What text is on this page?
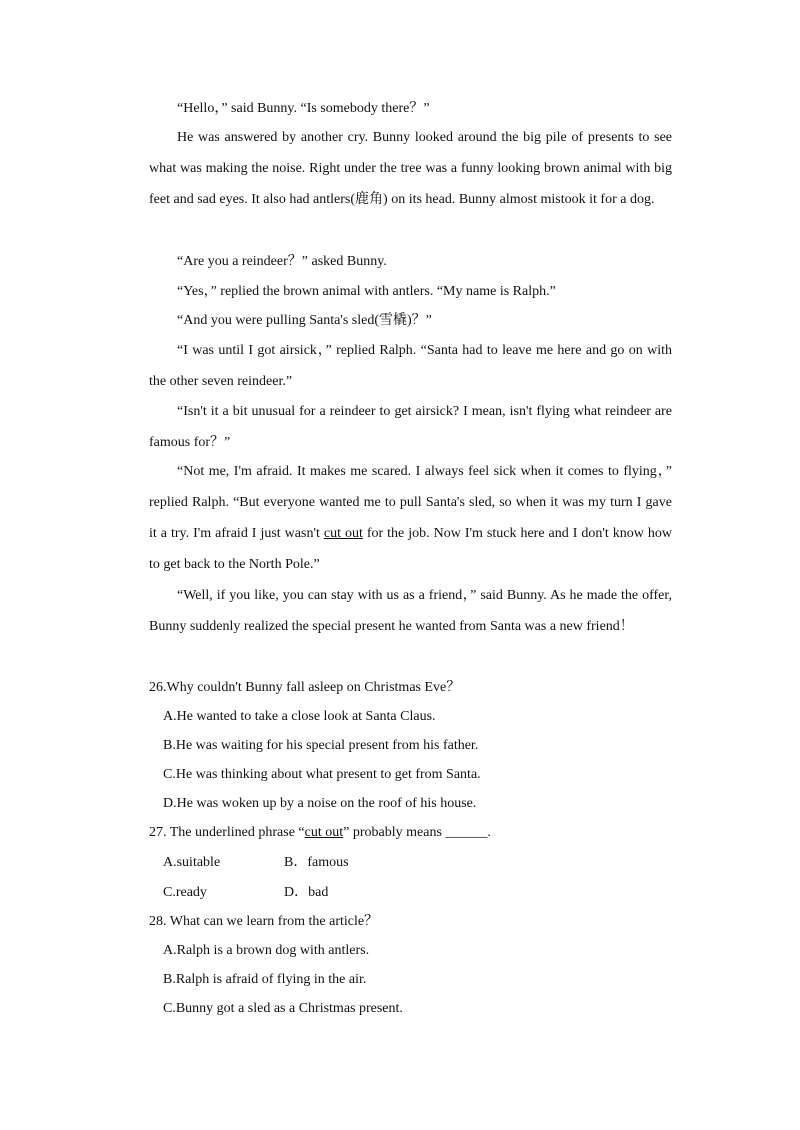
“Hello，” said Bunny. “Is somebody there？”

He was answered by another cry. Bunny looked around the big pile of presents to see what was making the noise. Right under the tree was a funny looking brown animal with big feet and sad eyes. It also had antlers(鹿角) on its head. Bunny almost mistook it for a dog.

“Are you a reindeer？” asked Bunny.

“Yes，” replied the brown animal with antlers. “My name is Ralph.”

“And you were pulling Santa's sled(雪橇)？”

“I was until I got airsick，” replied Ralph. “Santa had to leave me here and go on with the other seven reindeer.”

“Isn't it a bit unusual for a reindeer to get airsick? I mean, isn't flying what reindeer are famous for？”

“Not me, I'm afraid. It makes me scared. I always feel sick when it comes to flying，” replied Ralph. “But everyone wanted me to pull Santa's sled, so when it was my turn I gave it a try. I'm afraid I just wasn't cut out for the job. Now I'm stuck here and I don't know how to get back to the North Pole.”

“Well, if you like, you can stay with us as a friend，” said Bunny. As he made the offer, Bunny suddenly realized the special present he wanted from Santa was a new friend！

26.Why couldn't Bunny fall asleep on Christmas Eve？

A.He wanted to take a close look at Santa Claus.

B.He was waiting for his special present from his father.

C.He was thinking about what present to get from Santa.

D.He was woken up by a noise on the roof of his house.

27. The underlined phrase “cut out” probably means ______.

A.suitable	B．famous

C.ready	D．bad

28. What can we learn from the article？

A.Ralph is a brown dog with antlers.

B.Ralph is afraid of flying in the air.

C.Bunny got a sled as a Christmas present.
